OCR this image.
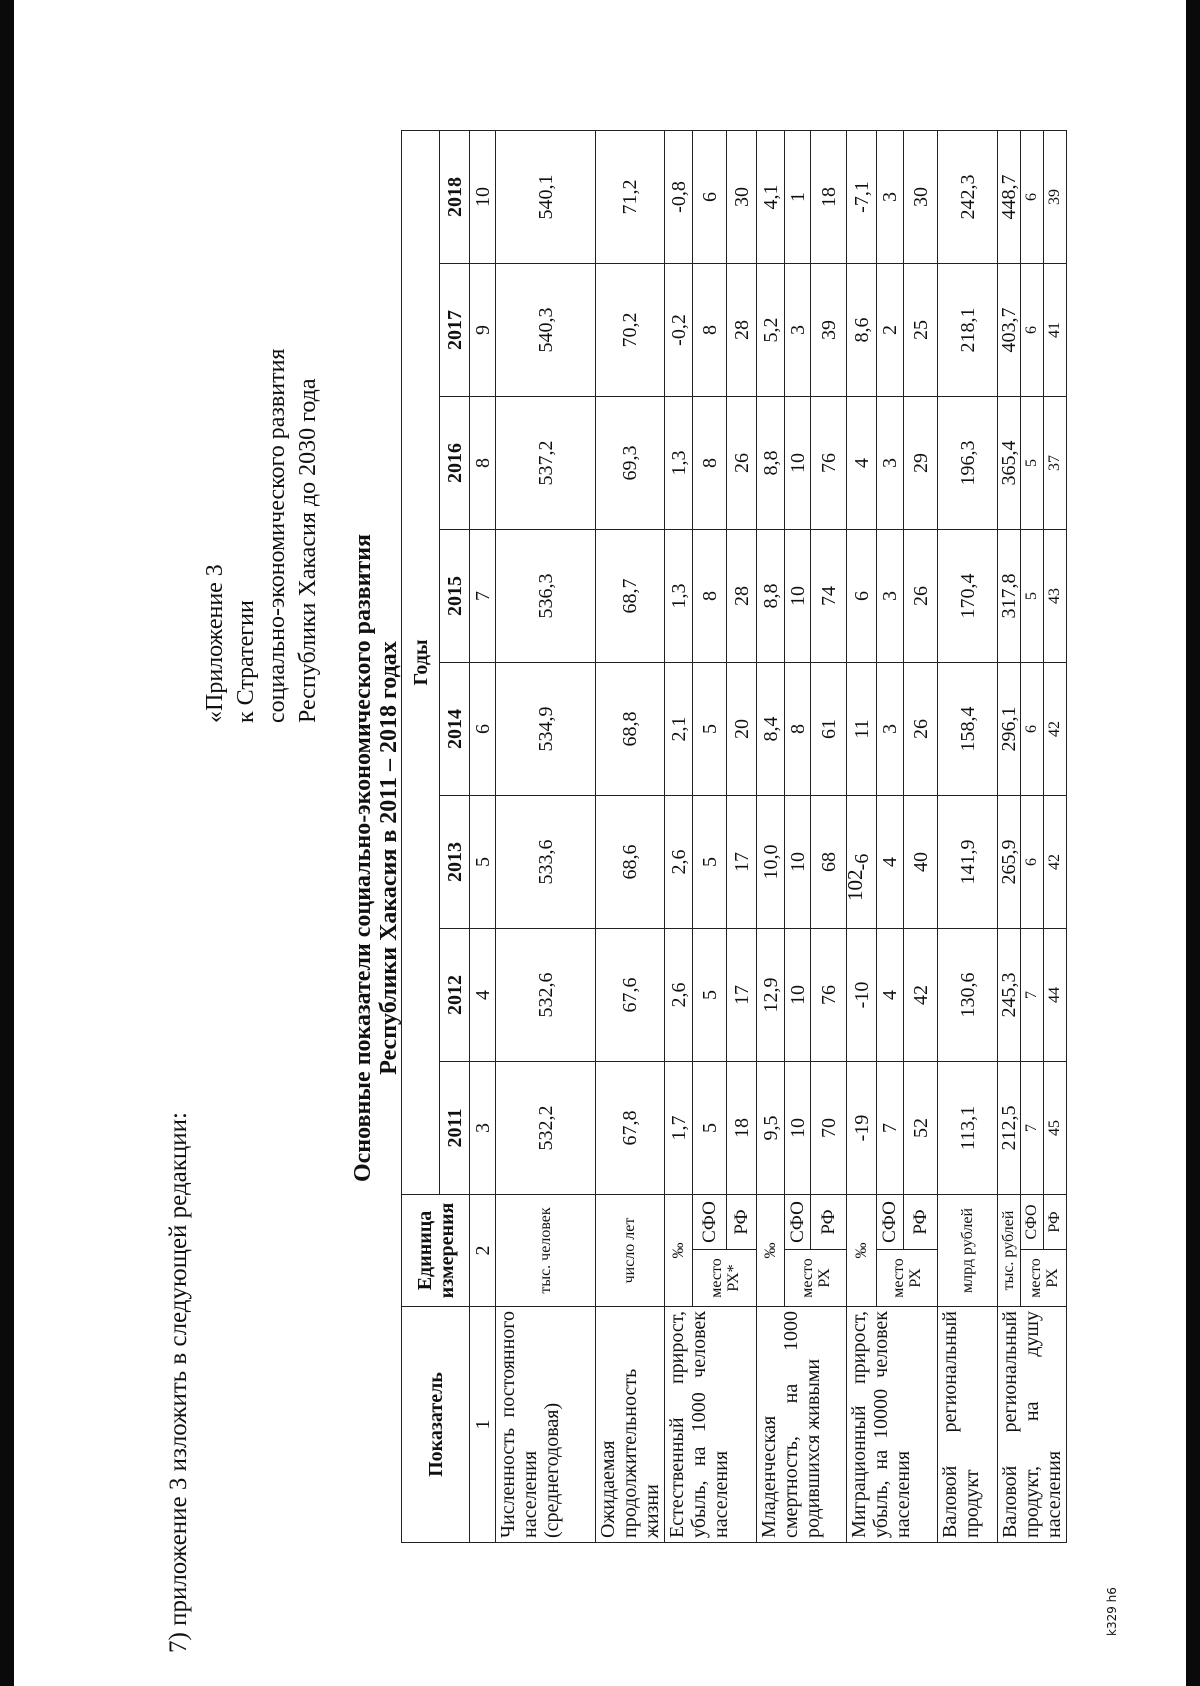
102
7) приложение 3 изложить в следующей редакции:
«Приложение 3 к Стратегии социально-экономического развития Республики Хакасия до 2030 года Основные показатели социально-экономического развития Республики Хакасия в 2011 – 2018 годах
Показатель	Единица измерения		Годы							
			2011	2012	2013	2014	2015	2016	2017	2018
1	2		3	4	5	6	7	8	9	10
Численность постоянного населения (среднегодовая)	тыс. человек		532,2	532,6	533,6	534,9	536,3	537,2	540,3	540,1
Ожидаемая продолжительность жизни	число лет		67,8	67,6	68,6	68,8	68,7	69,3	70,2	71,2
Естественный прирост, убыль, на 1000 человек населения	‰		1,7	2,6	2,6	2,1	1,3	1,3	-0,2	-0,8
	место РХ*	СФО	5	5	5	5	8	8	8	6
		РФ	18	17	17	20	28	26	28	30
Младенческая смертность, на 1000 родившихся живыми	‰		9,5	12,9	10,0	8,4	8,8	8,8	5,2	4,1
	место РХ	СФО	10	10	10	8	10	10	3	1
		РФ	70	76	68	61	74	76	39	18
Миграционный прирост, убыль, на 10000 человек населения	‰		-19	-10	-6	11	6	4	8,6	-7,1
	место РХ	СФО	7	4	4	3	3	3	2	3
		РФ	52	42	40	26	26	29	25	30
Валовой региональный продукт	млрд рублей		113,1	130,6	141,9	158,4	170,4	196,3	218,1	242,3
Валовой региональный продукт, на душу населения	тыс. рублей		212,5	245,3	265,9	296,1	317,8	365,4	403,7	448,7
	место РХ	СФО	7	7	6	6	5	5	6	6
		РФ	45	44	42	42	43	37	41	39
k329 h6
